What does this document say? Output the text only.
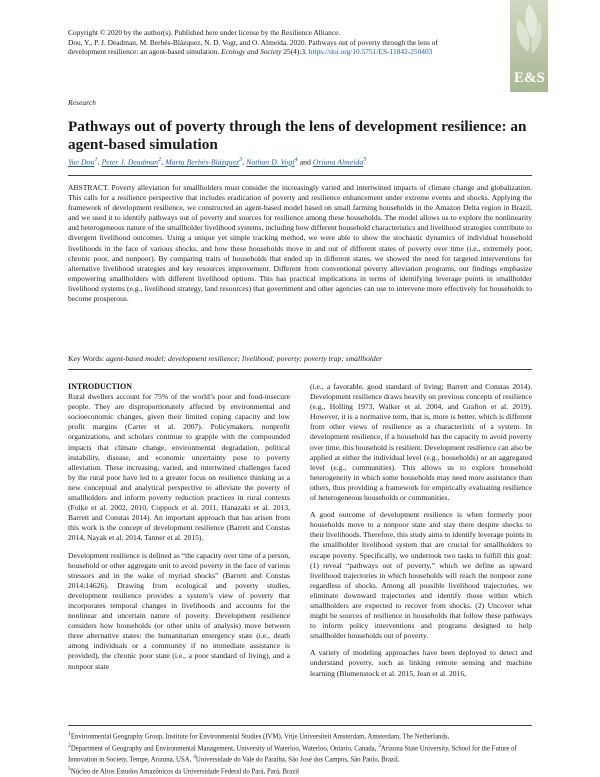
Copyright © 2020 by the author(s). Published here under license by the Resilience Alliance.
Dou, Y., P. J. Deadman, M. Berbés-Blázquez, N. D. Vogt, and O. Almeida. 2020. Pathways out of poverty through the lens of
development resilience: an agent-based simulation. Ecology and Society 25(4):3. https://doi.org/10.5751/ES-11842-250403
E&S
Research
Pathways out of poverty through the lens of development resilience: an agent-based simulation
Yue Dou$^1$, Peter J. Deadman$^2$, Marta Berbés-Blázquez$^3$, Nathan D. Vogt$^4$ and Oriana Almeida$^5$
ABSTRACT. Poverty alleviation for smallholders must consider the increasingly varied and intertwined impacts of climate change and globalization. This calls for a resilience perspective that includes eradication of poverty and resilience enhancement under extreme events and shocks. Applying the framework of development resilience, we constructed an agent-based model based on small farming households in the Amazon Delta region in Brazil, and we used it to identify pathways out of poverty and sources for resilience among these households. The model allows us to explore the nonlinearity and heterogeneous nature of the smallholder livelihood systems, including how different household characteristics and livelihood strategies contribute to divergent livelihood outcomes. Using a unique yet simple tracking method, we were able to show the stochastic dynamics of individual household livelihoods in the face of various shocks, and how these households move in and out of different states of poverty over time (i.e., extremely poor, chronic poor, and nonpoor). By comparing traits of households that ended up in different states, we showed the need for targeted interventions for alternative livelihood strategies and key resources improvement. Different from conventional poverty alleviation programs, our findings emphasize empowering smallholders with different livelihood options. This has practical implications in terms of identifying leverage points in smallholder livelihood systems (e.g., livelihood strategy, land resources) that government and other agencies can use to intervene more effectively for households to become prosperous.
Key Words: agent-based model; development resilience; livelihood; poverty; poverty trap; smallholder
INTRODUCTION

Rural dwellers account for 75% of the world’s poor and food-insecure people. They are disproportionately affected by environmental and socioeconomic changes, given their limited coping capacity and low profit margins (Carter et al. 2007). Policymakers, nonprofit organizations, and scholars continue to grapple with the compounded impacts that climate change, environmental degradation, political instability, disease, and economic uncertainty pose to poverty alleviation. These increasing, varied, and intertwined challenges faced by the rural poor have led to a greater focus on resilience thinking as a new conceptual and analytical perspective to alleviate the poverty of smallholders and inform poverty reduction practices in rural contexts (Folke et al. 2002, 2010, Coppock et al. 2011, Hanazaki et al. 2013, Barrett and Constas 2014). An important approach that has arisen from this work is the concept of development resilience (Barrett and Constas 2014, Nayak et al. 2014, Tanner et al. 2015).

Development resilience is defined as “the capacity over time of a person, household or other aggregate unit to avoid poverty in the face of various stressors and in the wake of myriad shocks” (Barrett and Constas 2014:14626). Drawing from ecological and poverty studies, development resilience provides a system’s view of poverty that incorporates temporal changes in livelihoods and accounts for the nonlinear and uncertain nature of poverty. Development resilience considers how households (or other units of analysis) move between three alternative states: the humanitarian emergency state (i.e., death among individuals or a community if no immediate assistance is provided), the chronic poor state (i.e., a poor standard of living), and a nonpoor state

(i.e., a favorable, good standard of living; Barrett and Constas 2014). Development resilience draws heavily on previous concepts of resilience (e.g., Holling 1973, Walker et al. 2004, and Grafton et al. 2019). However, it is a normative term, that is, more is better, which is different from other views of resilience as a characteristic of a system. In development resilience, if a household has the capacity to avoid poverty over time, this household is resilient. Development resilience can also be applied at either the individual level (e.g., households) or an aggregated level (e.g., communities). This allows us to explore household heterogeneity in which some households may need more assistance than others, thus providing a framework for empirically evaluating resilience of heterogeneous households or communities.

A good outcome of development resilience is when formerly poor households move to a nonpoor state and stay there despite shocks to their livelihoods. Therefore, this study aims to identify leverage points in the smallholder livelihood system that are crucial for smallholders to escape poverty. Specifically, we undertook two tasks to fulfill this goal: (1) reveal “pathways out of poverty,” which we define as upward livelihood trajectories in which households will reach the nonpoor zone regardless of shocks. Among all possible livelihood trajectories, we eliminate downward trajectories and identify those within which smallholders are expected to recover from shocks. (2) Uncover what might be sources of resilience in households that follow these pathways to inform policy interventions and programs designed to help smallholder households out of poverty.

A variety of modeling approaches have been deployed to detect and understand poverty, such as linking remote sensing and machine learning (Blumenstock et al. 2015, Jean et al. 2016,

$^1$Environmental Geography Group, Institute for Environmental Studies (IVM), Vrije Universiteit Amsterdam, Amsterdam, The Netherlands,
$^2$Department of Geography and Environmental Management, University of Waterloo, Waterloo, Ontario, Canada, $^3$Arizona State University, School for the Future of Innovation in Society, Tempe, Arizona, USA, $^4$Universidade do Vale do Paraíba, São José dos Campos, São Paulo, Brazil,
$^5$Núcleo de Altos Estudos Amazônicos da Universidade Federal do Pará, Pará, Brazil
